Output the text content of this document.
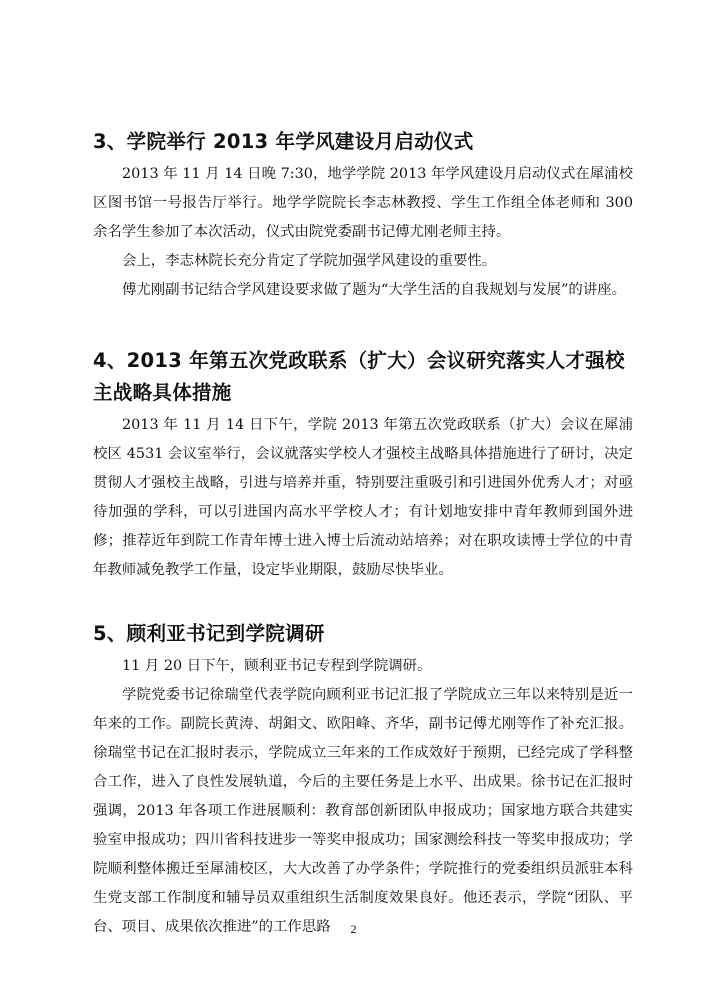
3、学院举行 2013 年学风建设月启动仪式

2013 年 11 月 14 日晚 7:30，地学学院 2013 年学风建设月启动仪式在犀浦校区图书馆一号报告厅举行。地学学院院长李志林教授、学生工作组全体老师和 300 余名学生参加了本次活动，仪式由院党委副书记傅尤刚老师主持。

会上，李志林院长充分肯定了学院加强学风建设的重要性。

傅尤刚副书记结合学风建设要求做了题为“大学生活的自我规划与发展”的讲座。

4、2013 年第五次党政联系（扩大）会议研究落实人才强校主战略具体措施

2013 年 11 月 14 日下午，学院 2013 年第五次党政联系（扩大）会议在犀浦校区 4531 会议室举行，会议就落实学校人才强校主战略具体措施进行了研讨，决定贯彻人才强校主战略，引进与培养并重，特别要注重吸引和引进国外优秀人才；对亟待加强的学科，可以引进国内高水平学校人才；有计划地安排中青年教师到国外进修；推荐近年到院工作青年博士进入博士后流动站培养；对在职攻读博士学位的中青年教师减免教学工作量，设定毕业期限，鼓励尽快毕业。

5、顾利亚书记到学院调研

11 月 20 日下午，顾利亚书记专程到学院调研。

学院党委书记徐瑞堂代表学院向顾利亚书记汇报了学院成立三年以来特别是近一年来的工作。副院长黄涛、胡鉬文、欧阳峰、齐华，副书记傅尤刚等作了补充汇报。徐瑞堂书记在汇报时表示，学院成立三年来的工作成效好于预期，已经完成了学科整合工作，进入了良性发展轨道，今后的主要任务是上水平、出成果。徐书记在汇报时强调，2013 年各项工作进展顺利：教育部创新团队申报成功；国家地方联合共建实验室申报成功；四川省科技进步一等奖申报成功；国家测绘科技一等奖申报成功；学院顺利整体搬迁至犀浦校区，大大改善了办学条件；学院推行的党委组织员派驻本科生党支部工作制度和辅导员双重组织生活制度效果良好。他还表示，学院“团队、平台、项目、成果依次推进”的工作思路	2
